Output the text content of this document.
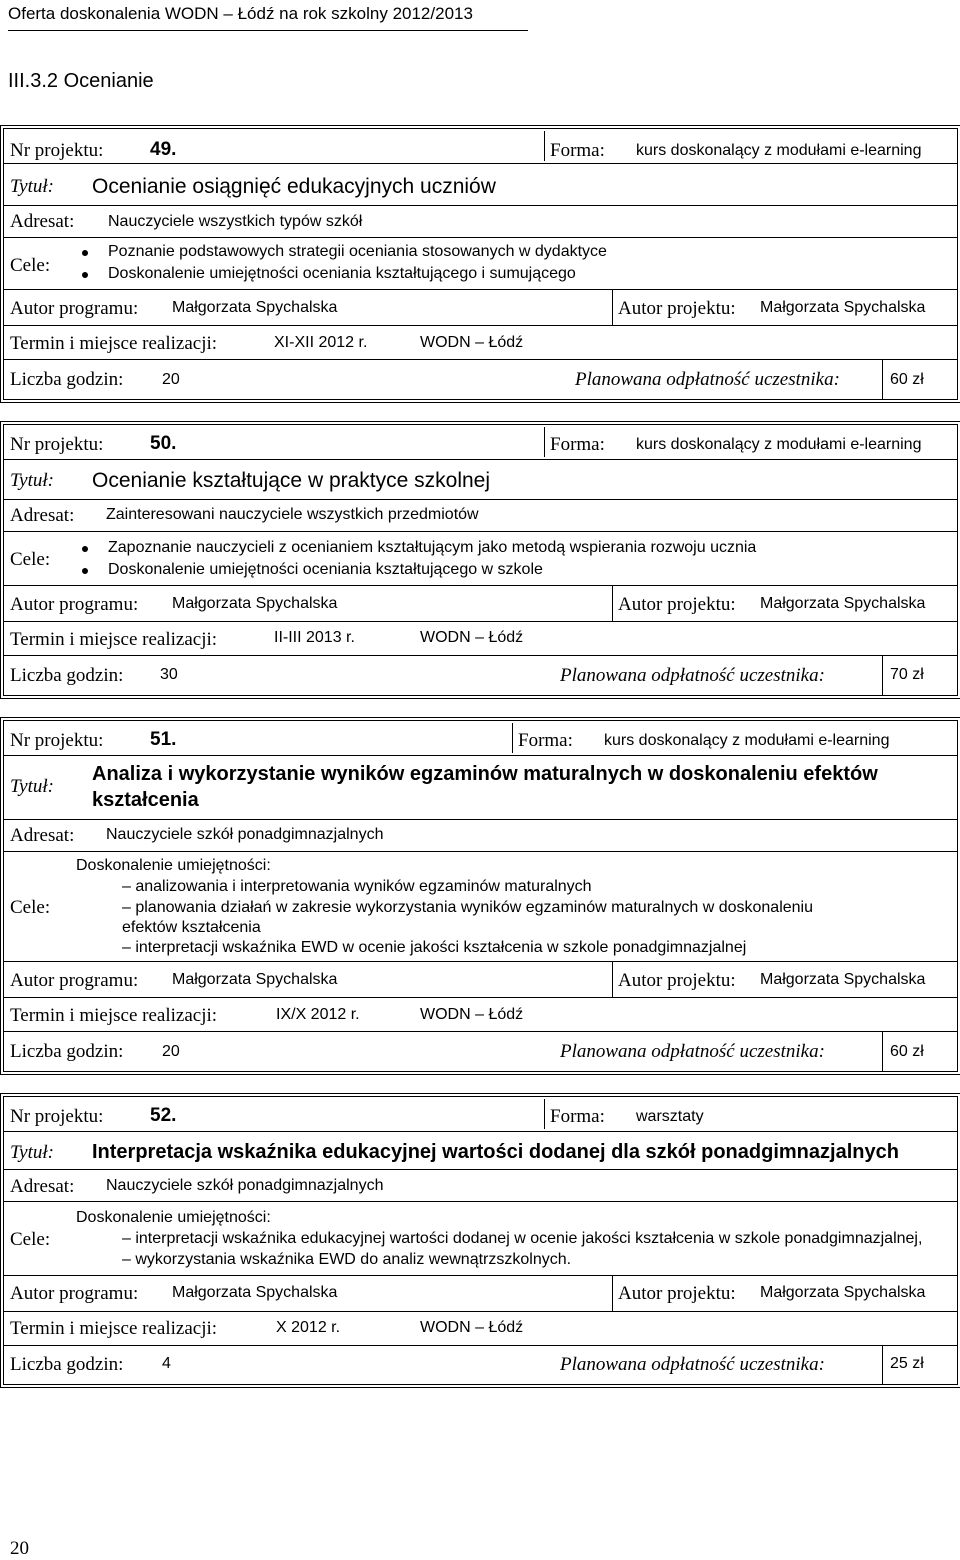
Oferta doskonalenia WODN – Łódź na rok szkolny 2012/2013
III.3.2 Ocenianie
Nr projektu: 49.	Forma: kurs doskonalący z modułami e-learning
Tytuł: Ocenianie osiągnięć edukacyjnych uczniów
Adresat: Nauczyciele wszystkich typów szkół
Cele:
Poznanie podstawowych strategii oceniania stosowanych w dydaktyce
Doskonalenie umiejętności oceniania kształtującego i sumującego
Autor programu: Małgorzata Spychalska	Autor projektu: Małgorzata Spychalska
Termin i miejsce realizacji:	XI-XII 2012 r.	WODN – Łódź
Liczba godzin: 20	Planowana odpłatność uczestnika:	60 zł
Nr projektu: 50.	Forma: kurs doskonalący z modułami e-learning
Tytuł: Ocenianie kształtujące w praktyce szkolnej
Adresat: Zainteresowani nauczyciele wszystkich przedmiotów
Cele:
Zapoznanie nauczycieli z ocenianiem kształtującym jako metodą wspierania rozwoju ucznia
Doskonalenie umiejętności oceniania kształtującego w szkole
Autor programu: Małgorzata Spychalska	Autor projektu: Małgorzata Spychalska
Termin i miejsce realizacji:	II-III 2013 r.	WODN – Łódź
Liczba godzin: 30	Planowana odpłatność uczestnika:	70 zł
Nr projektu: 51.	Forma: kurs doskonalący z modułami e-learning
Tytuł:
Analiza i wykorzystanie wyników egzaminów maturalnych w doskonaleniu efektów
kształcenia
Adresat: Nauczyciele szkół ponadgimnazjalnych
Cele:
Doskonalenie umiejętności:
– analizowania i interpretowania wyników egzaminów maturalnych
– planowania działań w zakresie wykorzystania wyników egzaminów maturalnych w doskonaleniu
efektów kształcenia
– interpretacji wskaźnika EWD w ocenie jakości kształcenia w szkole ponadgimnazjalnej
Autor programu: Małgorzata Spychalska	Autor projektu: Małgorzata Spychalska
Termin i miejsce realizacji:	IX/X 2012 r.	WODN – Łódź
Liczba godzin: 20	Planowana odpłatność uczestnika:	60 zł
Nr projektu: 52.	Forma: warsztaty
Tytuł: Interpretacja wskaźnika edukacyjnej wartości dodanej dla szkół ponadgimnazjalnych
Adresat: Nauczyciele szkół ponadgimnazjalnych
Cele:
Doskonalenie umiejętności:
– interpretacji wskaźnika edukacyjnej wartości dodanej w ocenie jakości kształcenia w szkole ponadgimnazjalnej,
– wykorzystania wskaźnika EWD do analiz wewnątrzszkolnych.
Autor programu: Małgorzata Spychalska	Autor projektu: Małgorzata Spychalska
Termin i miejsce realizacji:	X 2012 r.	WODN – Łódź
Liczba godzin: 4	Planowana odpłatność uczestnika:	25 zł
20
